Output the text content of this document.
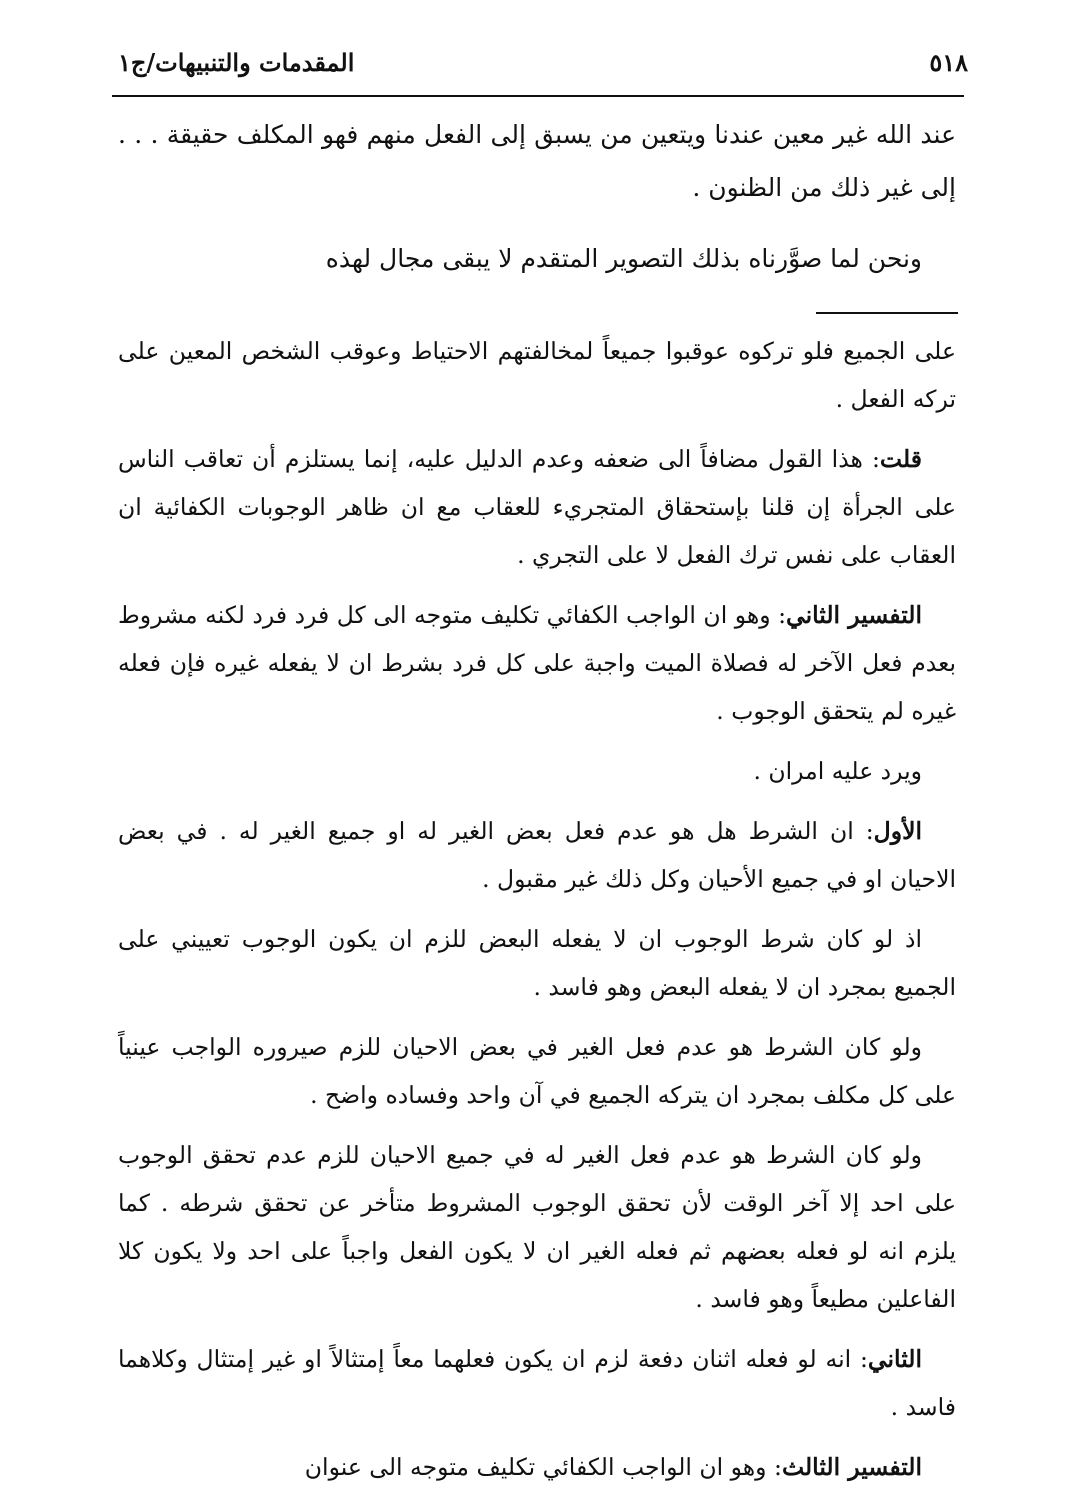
٥١٨
المقدمات والتنبيهات/ج١

عند الله غير معين عندنا ويتعين من يسبق إلى الفعل منهم فهو المكلف حقيقة . . . إلى غير ذلك من الظنون .

ونحن لما صوَّرناه بذلك التصوير المتقدم لا يبقى مجال لهذه

على الجميع فلو تركوه عوقبوا جميعاً لمخالفتهم الاحتياط وعوقب الشخص المعين على تركه الفعل .

قلت: هذا القول مضافاً الى ضعفه وعدم الدليل عليه، إنما يستلزم أن تعاقب الناس على الجرأة إن قلنا بإستحقاق المتجريء للعقاب مع ان ظاهر الوجوبات الكفائية ان العقاب على نفس ترك الفعل لا على التجري .

التفسير الثاني: وهو ان الواجب الكفائي تكليف متوجه الى كل فرد فرد لكنه مشروط بعدم فعل الآخر له فصلاة الميت واجبة على كل فرد بشرط ان لا يفعله غيره فإن فعله غيره لم يتحقق الوجوب .

ويرد عليه امران .

الأول: ان الشرط هل هو عدم فعل بعض الغير له او جميع الغير له . في بعض الاحيان او في جميع الأحيان وكل ذلك غير مقبول .

اذ لو كان شرط الوجوب ان لا يفعله البعض للزم ان يكون الوجوب تعييني على الجميع بمجرد ان لا يفعله البعض وهو فاسد .

ولو كان الشرط هو عدم فعل الغير في بعض الاحيان للزم صيروره الواجب عينياً على كل مكلف بمجرد ان يتركه الجميع في آن واحد وفساده واضح .

ولو كان الشرط هو عدم فعل الغير له في جميع الاحيان للزم عدم تحقق الوجوب على احد إلا آخر الوقت لأن تحقق الوجوب المشروط متأخر عن تحقق شرطه . كما يلزم انه لو فعله بعضهم ثم فعله الغير ان لا يكون الفعل واجباً على احد ولا يكون كلا الفاعلين مطيعاً وهو فاسد .

الثاني: انه لو فعله اثنان دفعة لزم ان يكون فعلهما معاً إمتثالاً او غير إمتثال وكلاهما فاسد .

التفسير الثالث: وهو ان الواجب الكفائي تكليف متوجه الى عنوان
